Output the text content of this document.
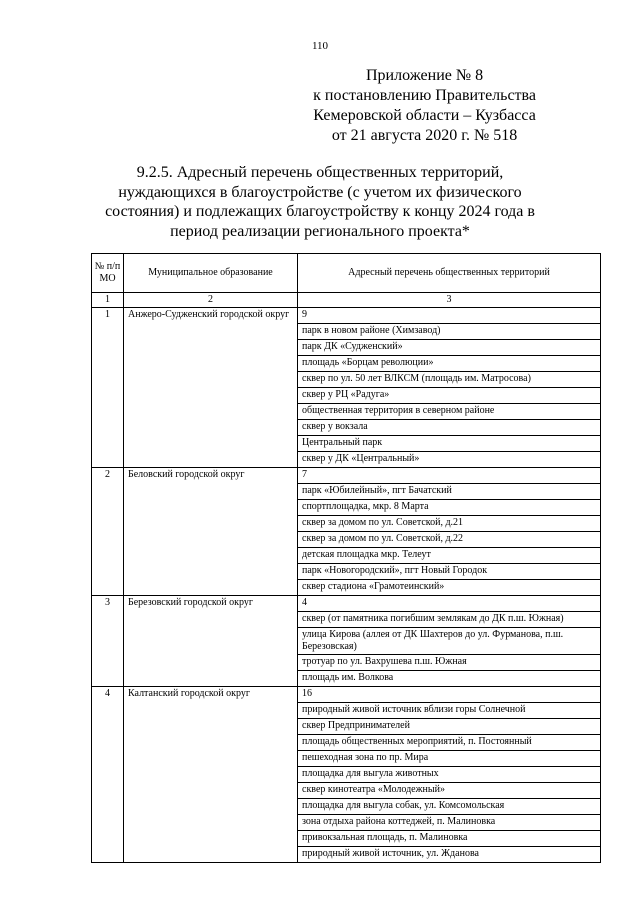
110
Приложение № 8
к постановлению Правительства
Кемеровской области – Кузбасса
от 21 августа 2020 г. № 518
9.2.5. Адресный перечень общественных территорий, нуждающихся в благоустройстве (с учетом их физического состояния) и подлежащих благоустройству к концу 2024 года в период реализации регионального проекта*
№ п/п МО	Муниципальное образование	Адресный перечень общественных территорий
1	2	3
1	Анжеро-Судженский городской округ	9
		парк в новом районе (Химзавод)
		парк ДК «Судженский»
		площадь «Борцам революции»
		сквер по ул. 50 лет ВЛКСМ (площадь им. Матросова)
		сквер у РЦ «Радуга»
		общественная территория в северном районе
		сквер у вокзала
		Центральный парк
		сквер у ДК «Центральный»
2	Беловский городской округ	7
		парк «Юбилейный», пгт Бачатский
		спортплощадка, мкр. 8 Марта
		сквер за домом по ул. Советской, д.21
		сквер за домом по ул. Советской, д.22
		детская площадка мкр. Телеут
		парк «Новогородский», пгт Новый Городок
		сквер стадиона «Грамотеинский»
3	Березовский городской округ	4
		сквер (от памятника погибшим землякам до ДК п.ш. Южная)
		улица Кирова (аллея от ДК Шахтеров до ул. Фурманова, п.ш. Березовская)
		тротуар по ул. Вахрушева п.ш. Южная
		площадь им. Волкова
4	Калтанский городской округ	16
		природный живой источник вблизи горы Солнечной
		сквер Предпринимателей
		площадь общественных мероприятий, п. Постоянный
		пешеходная зона по пр. Мира
		площадка для выгула животных
		сквер кинотеатра «Молодежный»
		площадка для выгула собак, ул. Комсомольская
		зона отдыха района коттеджей, п. Малиновка
		привокзальная площадь, п. Малиновка
		природный живой источник, ул. Жданова
